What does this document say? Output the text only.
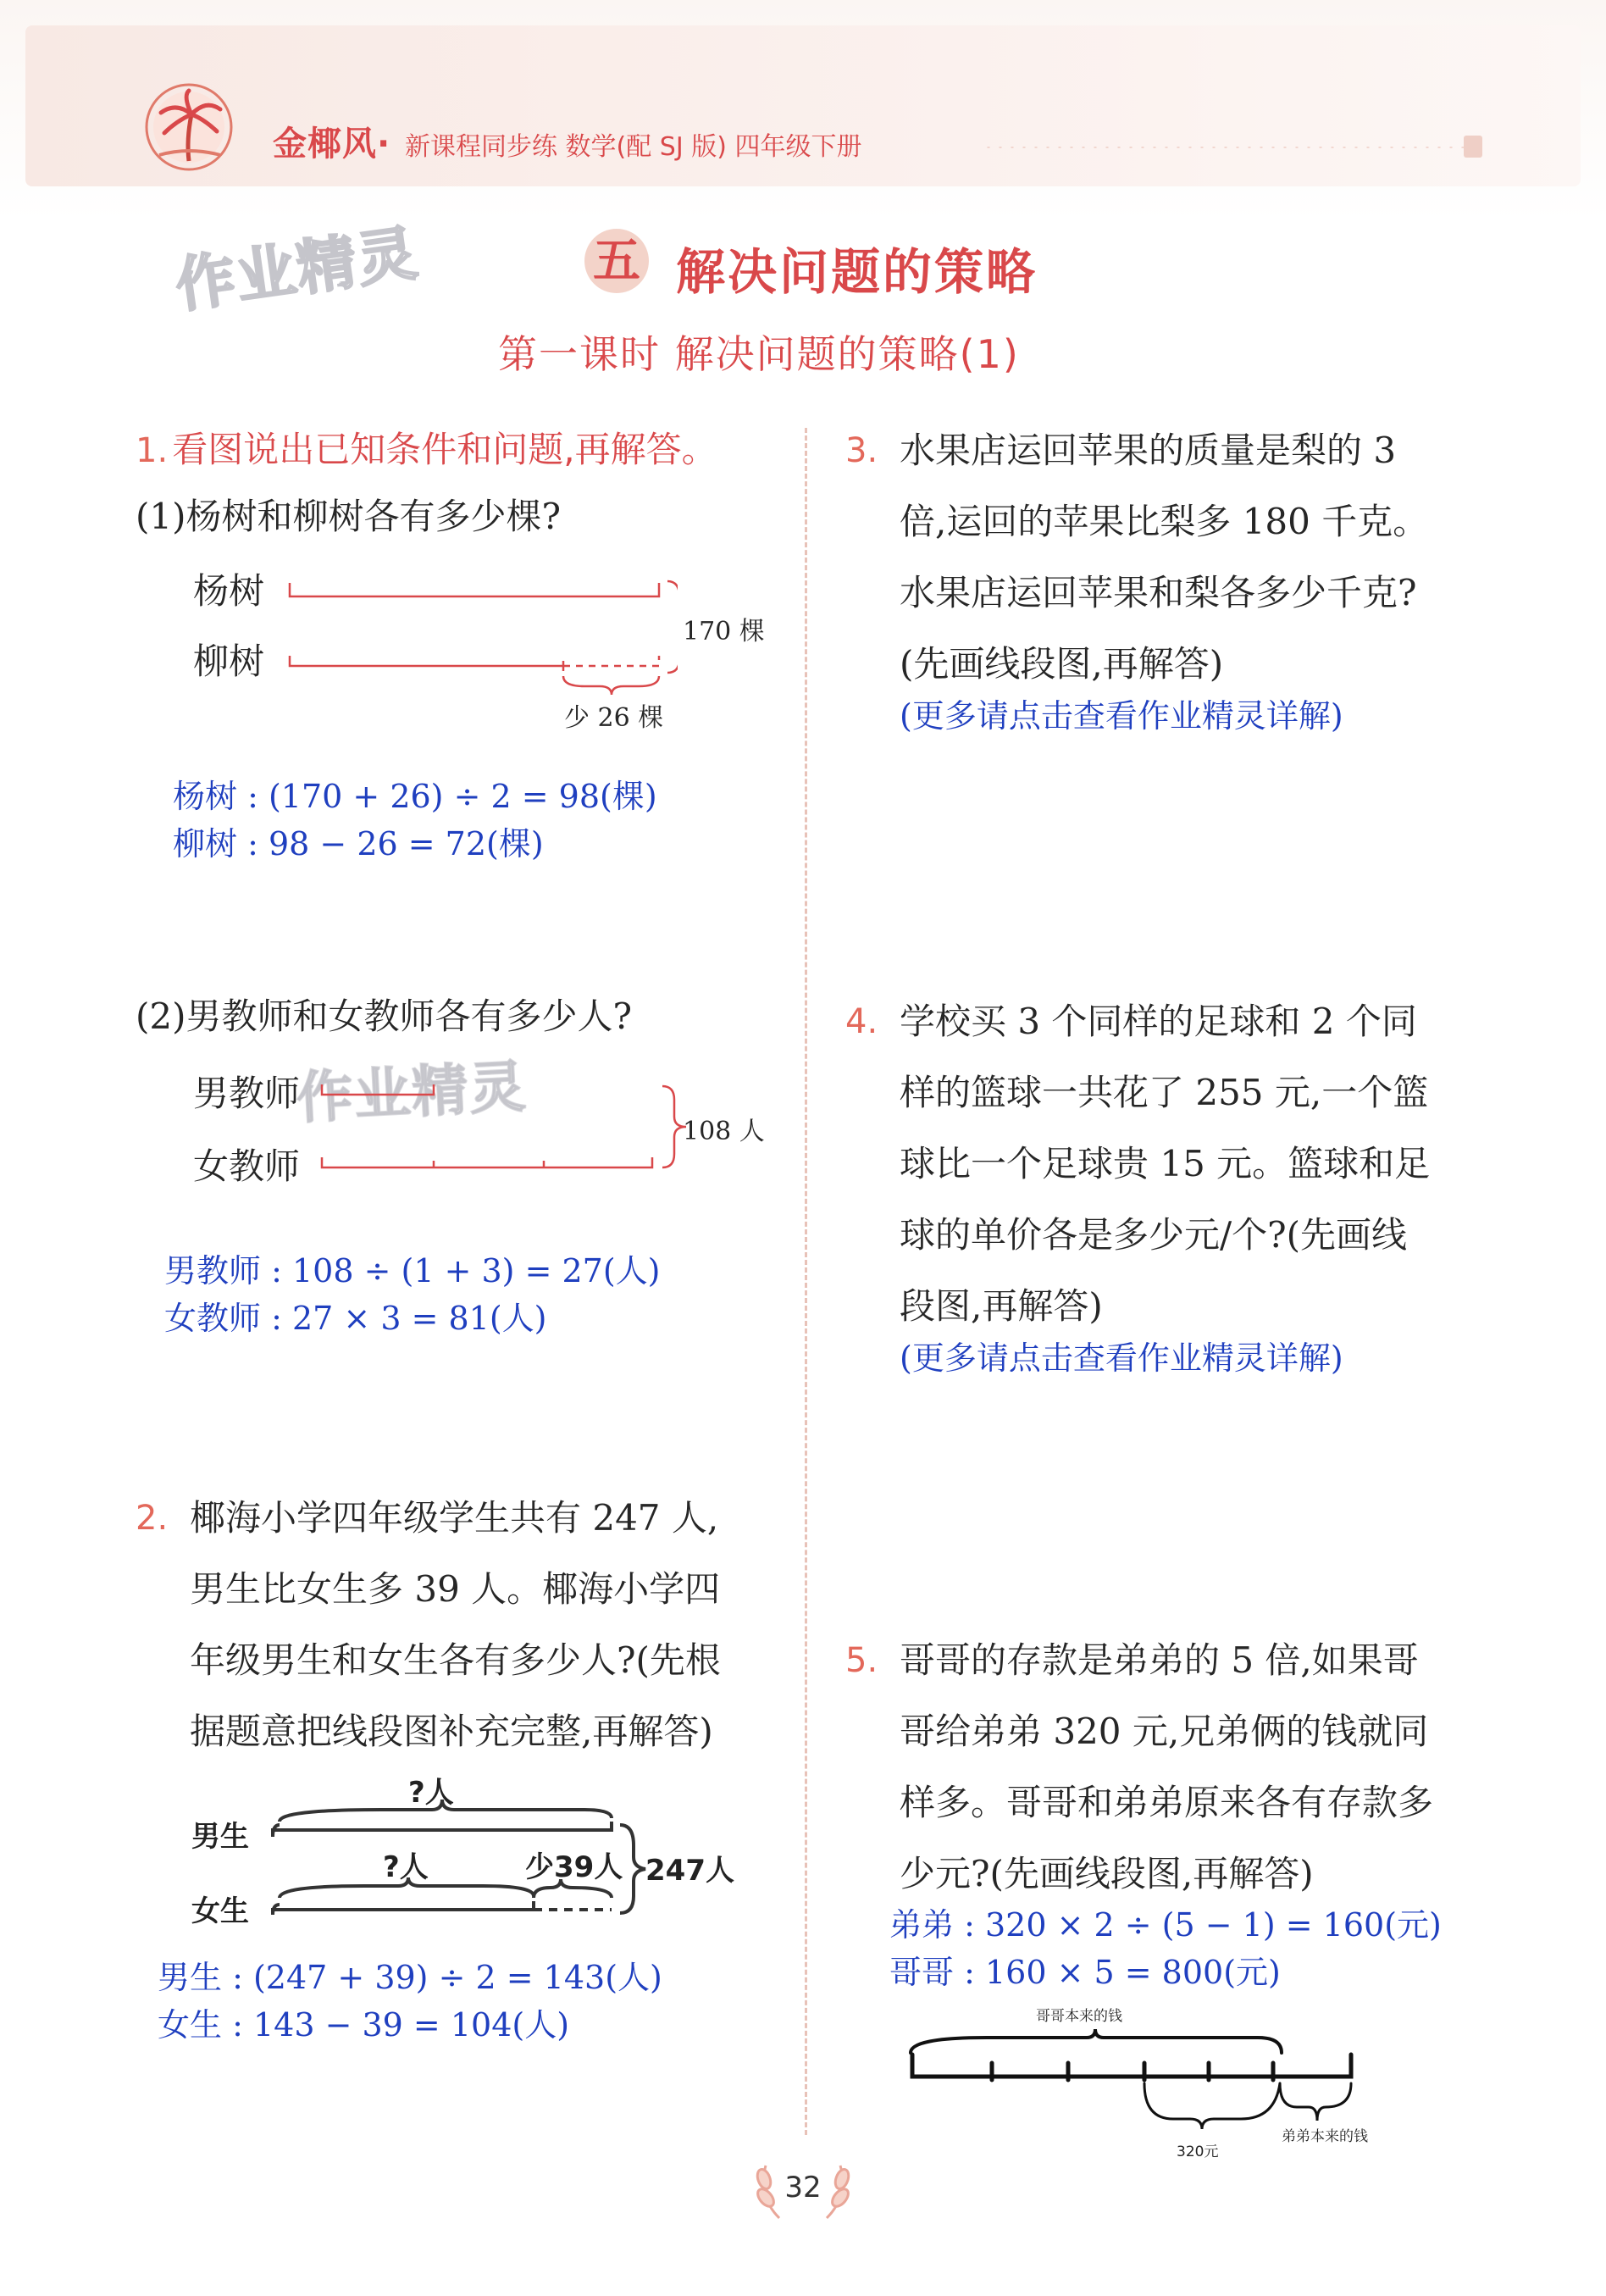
金椰风· 新课程同步练 数学(配 SJ 版) 四年级下册
作业精灵
作业精灵
五 解决问题的策略
第一课时 解决问题的策略(1)
1. 看图说出已知条件和问题,再解答。
(1)杨树和柳树各有多少棵?
杨树
柳树
170 棵
少 26 棵
杨树 : (170 + 26) ÷ 2 = 98(棵)
柳树 : 98 − 26 = 72(棵)
(2)男教师和女教师各有多少人?
男教师
女教师
108 人
男教师 : 108 ÷ (1 + 3) = 27(人)
女教师 : 27 × 3 = 81(人)
2. 椰海小学四年级学生共有 247 人,
男生比女生多 39 人。椰海小学四
年级男生和女生各有多少人?(先根
据题意把线段图补充完整,再解答)
男生
女生
?人
?人	少39人 247人
男生 : (247 + 39) ÷ 2 = 143(人)
女生 : 143 − 39 = 104(人)
3. 水果店运回苹果的质量是梨的 3
倍,运回的苹果比梨多 180 千克。
水果店运回苹果和梨各多少千克?
(先画线段图,再解答)
(更多请点击查看作业精灵详解)
4. 学校买 3 个同样的足球和 2 个同
样的篮球一共花了 255 元,一个篮
球比一个足球贵 15 元。篮球和足
球的单价各是多少元/个?(先画线
段图,再解答)
(更多请点击查看作业精灵详解)
5. 哥哥的存款是弟弟的 5 倍,如果哥
哥给弟弟 320 元,兄弟俩的钱就同
样多。哥哥和弟弟原来各有存款多
少元?(先画线段图,再解答)
弟弟 : 320 × 2 ÷ (5 − 1) = 160(元)
哥哥 : 160 × 5 = 800(元)
哥哥本来的钱
320元
弟弟本来的钱
32
